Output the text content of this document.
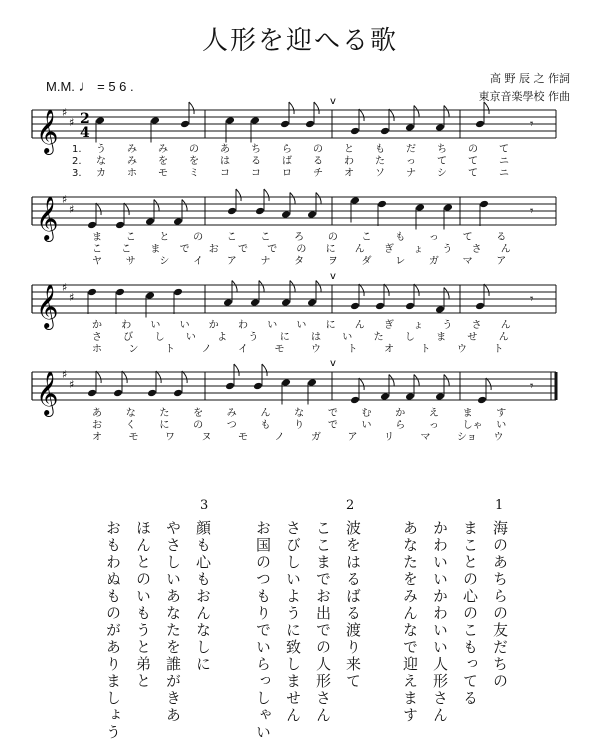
人形を迎へる歌
M.M. ♩ = 5 6 .
高 野 辰 之 作詞
東京音楽學校 作曲
𝄞 ♯
♯ 2
4
v
𝄾
1. う み み の あ ち ら の と も だ ち の て
2. な み を を は る ば る わ た っ て て ニ
3. カ ホ モ ミ コ コ ロ チ オ ソ ナ シ て ニ
𝄞 ♯
♯	𝄾
ま こ と の こ こ ろ の こ も っ て る
こ こ ま で お で で の に ん ぎ ょ う さ ん
ヤ サ シ イ ア ナ タ ヲ ダ レ ガ マ ア
𝄞 ♯
♯
v
𝄾
か わ い い か わ い い に ん ぎ ょ う さ ん
さ び し い よ う に は い た し ま せ ん
ホ	ン	ト	ノ	イ	モ	ウ	ト	オ	ト	ウ	ト
𝄞 ♯
♯
v
𝄾
あ な た を み ん な で む か え ま す
お く に の つ も り で い ら っ しゃ い
オ	モ	ワ	ヌ	モ	ノ	ガ	ア	リ	マ	ショ ウ
1
海のあちらの友だちの
まことの心のこもってる
かわいいかわいい人形さん
あなたをみんなで迎えます
2
波をはるばる渡り来て
ここまでお出での人形さん
さびしいように致しません
お国のつもりでいらっしゃい
3
顔も心もおんなしに
やさしいあなたを誰がきあ
ほんとのいもうと弟と
おもわぬものがありましょう
